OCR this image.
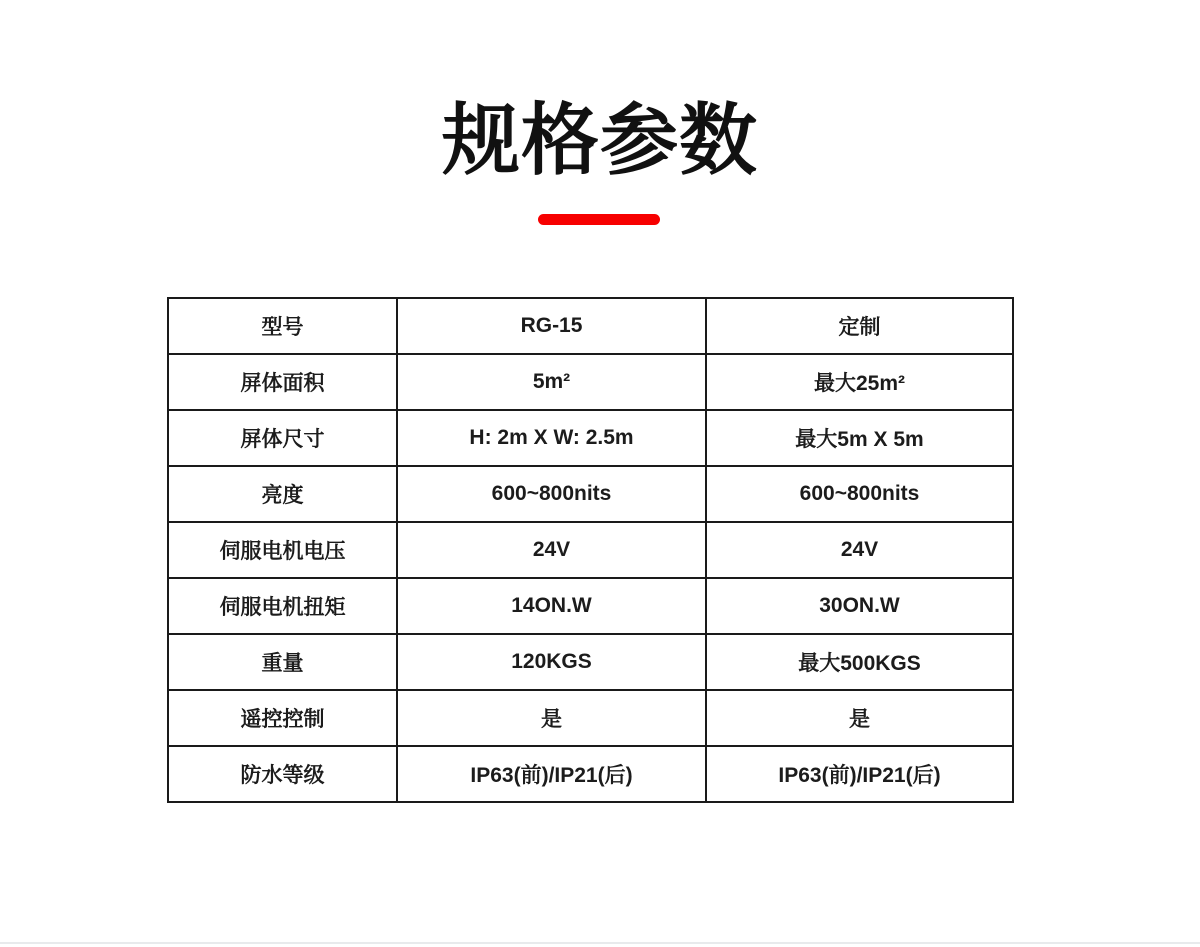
规格参数
型号	RG-15	定制
屏体面积	5m²	最大25m²
屏体尺寸	H: 2m X W: 2.5m	最大5m X 5m
亮度	600~800nits	600~800nits
伺服电机电压	24V	24V
伺服电机扭矩	14ON.W	30ON.W
重量	120KGS	最大500KGS
遥控控制	是	是
防水等级	IP63(前)/IP21(后)	IP63(前)/IP21(后)
